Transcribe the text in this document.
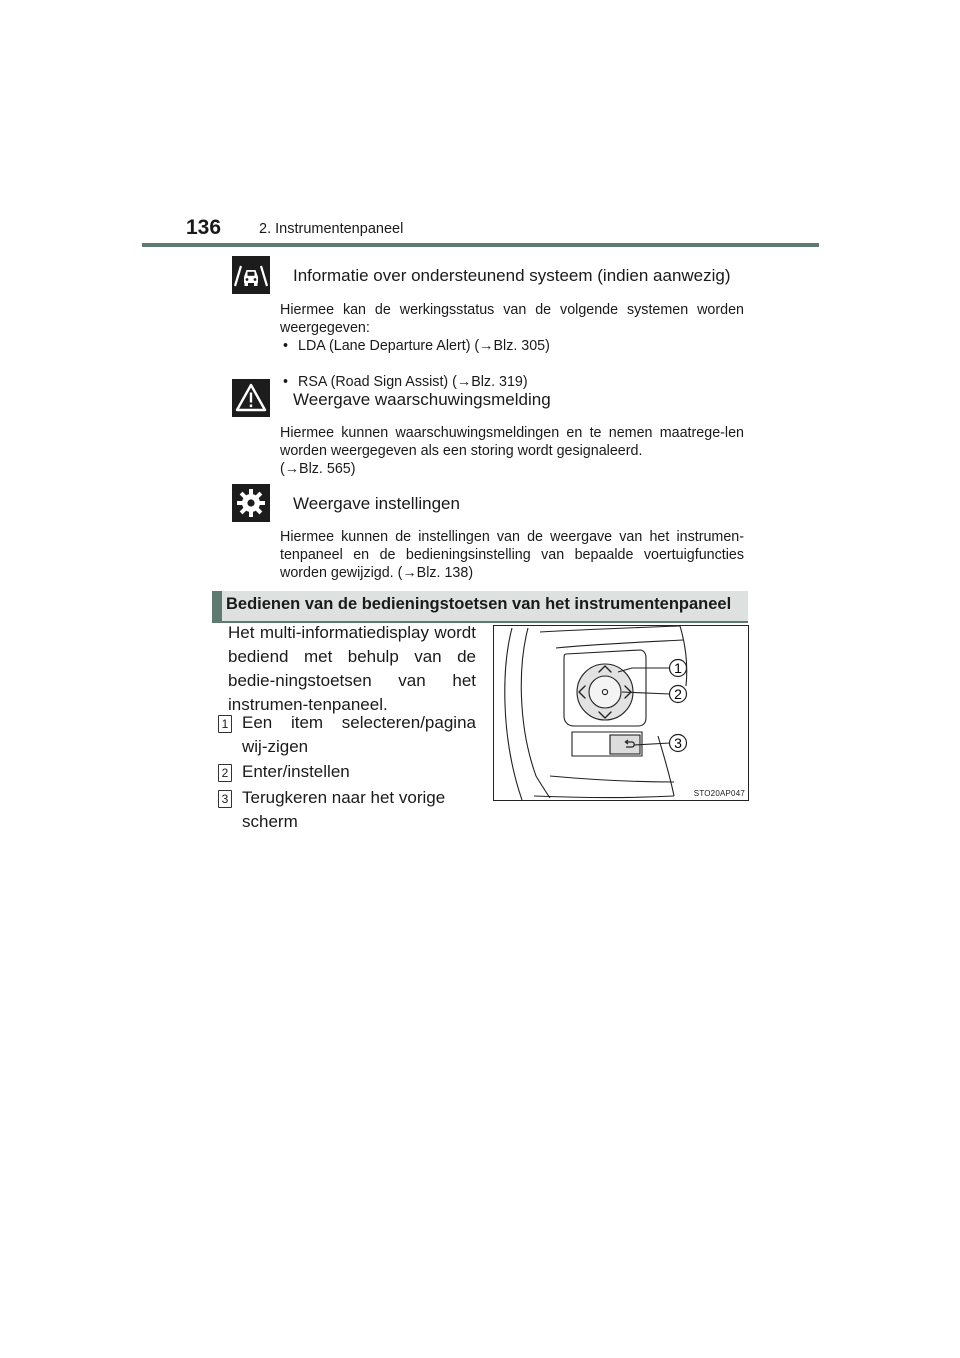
136	2. Instrumentenpaneel
Informatie over ondersteunend systeem (indien aanwezig)
Hiermee kan de werkingsstatus van de volgende systemen worden weergegeven:
• LDA (Lane Departure Alert) (→Blz. 305)
• RSA (Road Sign Assist) (→Blz. 319)
Weergave waarschuwingsmelding
Hiermee kunnen waarschuwingsmeldingen en te nemen maatrege-len worden weergegeven als een storing wordt gesignaleerd.
(→Blz. 565)
Weergave instellingen
Hiermee kunnen de instellingen van de weergave van het instrumen-tenpaneel en de bedieningsinstelling van bepaalde voertuigfuncties worden gewijzigd. (→Blz. 138)
Bedienen van de bedieningstoetsen van het instrumentenpaneel
Het multi-informatiedisplay wordt bediend met behulp van de bedie-ningstoetsen van het instrumen-tenpaneel.
1 Een item selecteren/pagina wij-zigen
2 Enter/instellen
3 Terugkeren naar het vorige scherm
1
2
3
STO20AP047
